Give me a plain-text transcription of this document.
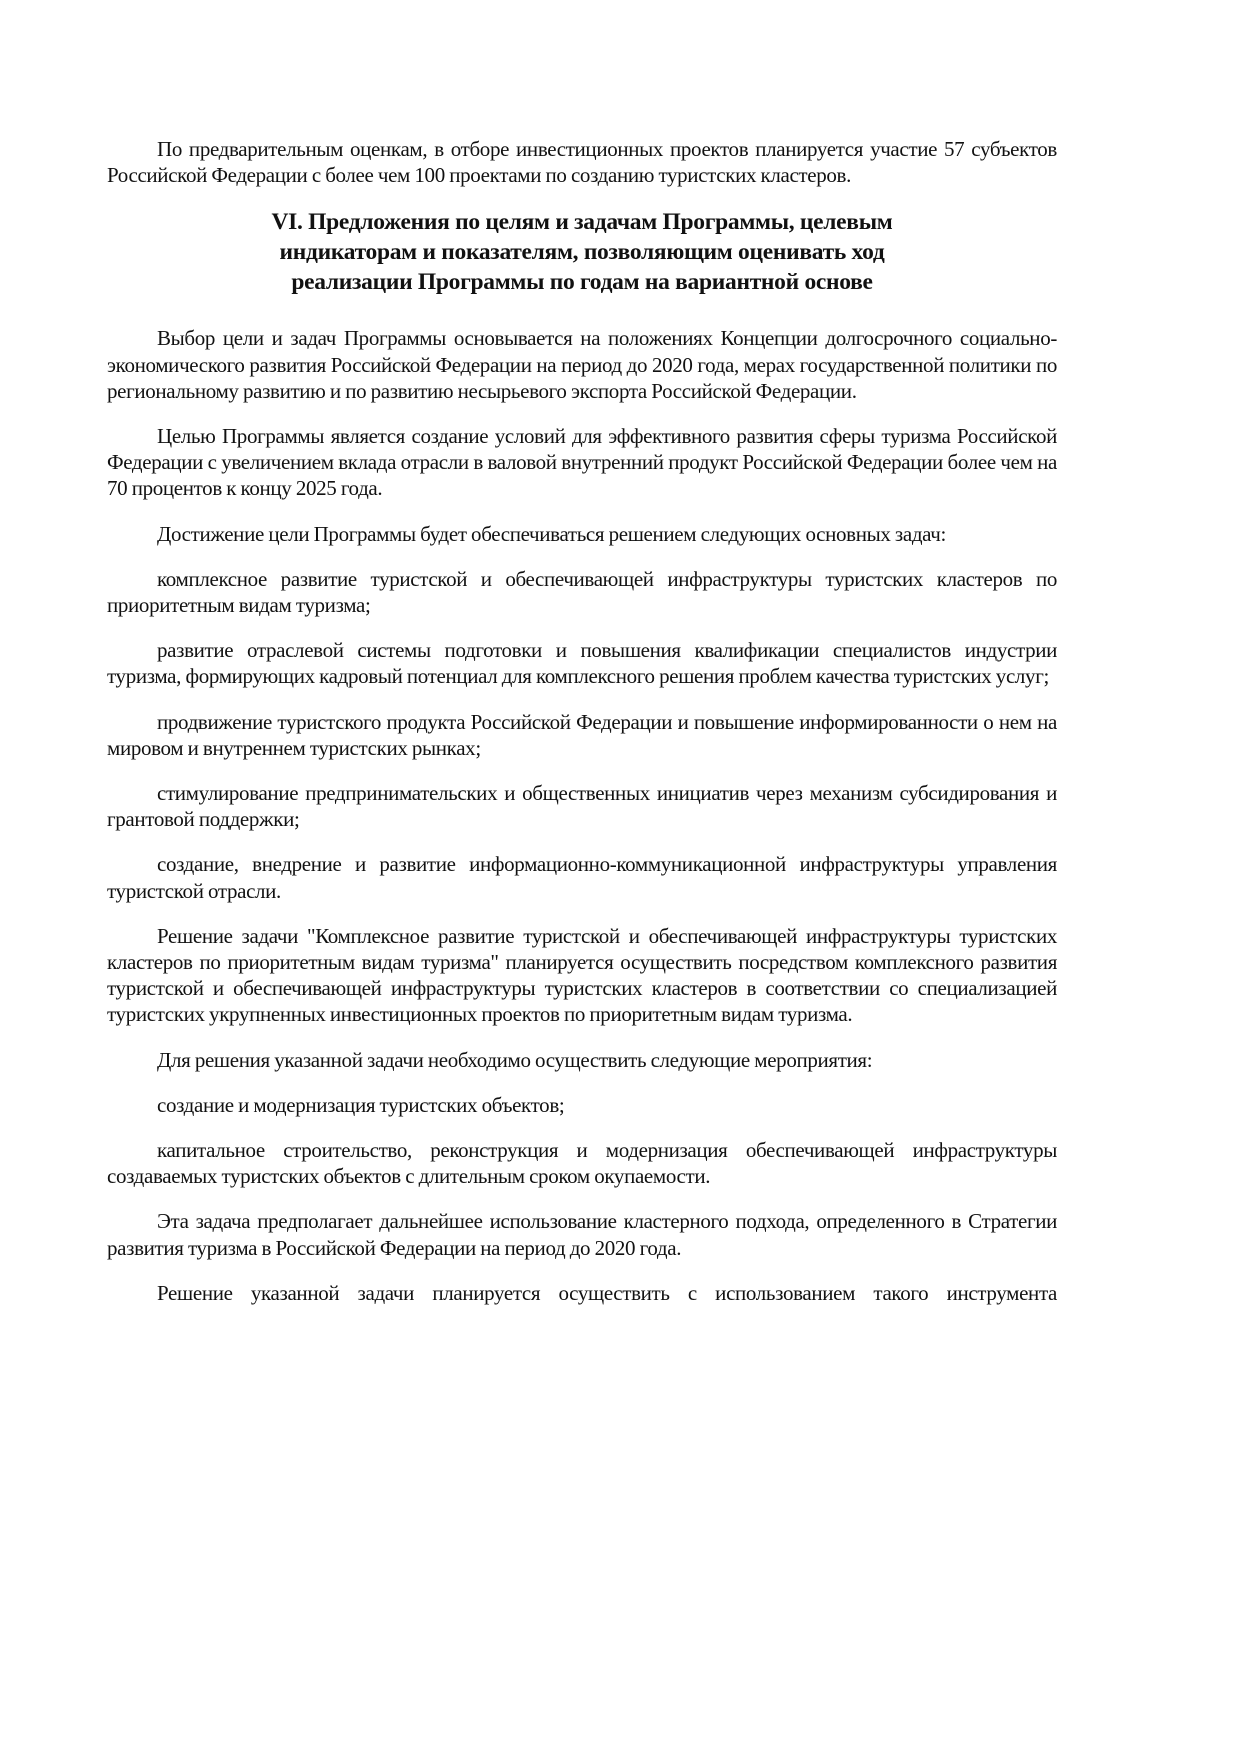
По предварительным оценкам, в отборе инвестиционных проектов планируется участие 57 субъектов Российской Федерации с более чем 100 проектами по созданию туристских кластеров.

VI. Предложения по целям и задачам Программы, целевым
индикаторам и показателям, позволяющим оценивать ход
реализации Программы по годам на вариантной основе

Выбор цели и задач Программы основывается на положениях Концепции долгосрочного социально-экономического развития Российской Федерации на период до 2020 года, мерах государственной политики по региональному развитию и по развитию несырьевого экспорта Российской Федерации.

Целью Программы является создание условий для эффективного развития сферы туризма Российской Федерации с увеличением вклада отрасли в валовой внутренний продукт Российской Федерации более чем на 70 процентов к концу 2025 года.

Достижение цели Программы будет обеспечиваться решением следующих основных задач:

комплексное развитие туристской и обеспечивающей инфраструктуры туристских кластеров по приоритетным видам туризма;

развитие отраслевой системы подготовки и повышения квалификации специалистов индустрии туризма, формирующих кадровый потенциал для комплексного решения проблем качества туристских услуг;

продвижение туристского продукта Российской Федерации и повышение информированности о нем на мировом и внутреннем туристских рынках;

стимулирование предпринимательских и общественных инициатив через механизм субсидирования и грантовой поддержки;

создание, внедрение и развитие информационно-коммуникационной инфраструктуры управления туристской отрасли.

Решение задачи "Комплексное развитие туристской и обеспечивающей инфраструктуры туристских кластеров по приоритетным видам туризма" планируется осуществить посредством комплексного развития туристской и обеспечивающей инфраструктуры туристских кластеров в соответствии со специализацией туристских укрупненных инвестиционных проектов по приоритетным видам туризма.

Для решения указанной задачи необходимо осуществить следующие мероприятия:

создание и модернизация туристских объектов;

капитальное строительство, реконструкция и модернизация обеспечивающей инфраструктуры создаваемых туристских объектов с длительным сроком окупаемости.

Эта задача предполагает дальнейшее использование кластерного подхода, определенного в Стратегии развития туризма в Российской Федерации на период до 2020 года.

Решение указанной задачи планируется осуществить с использованием такого инструмента
